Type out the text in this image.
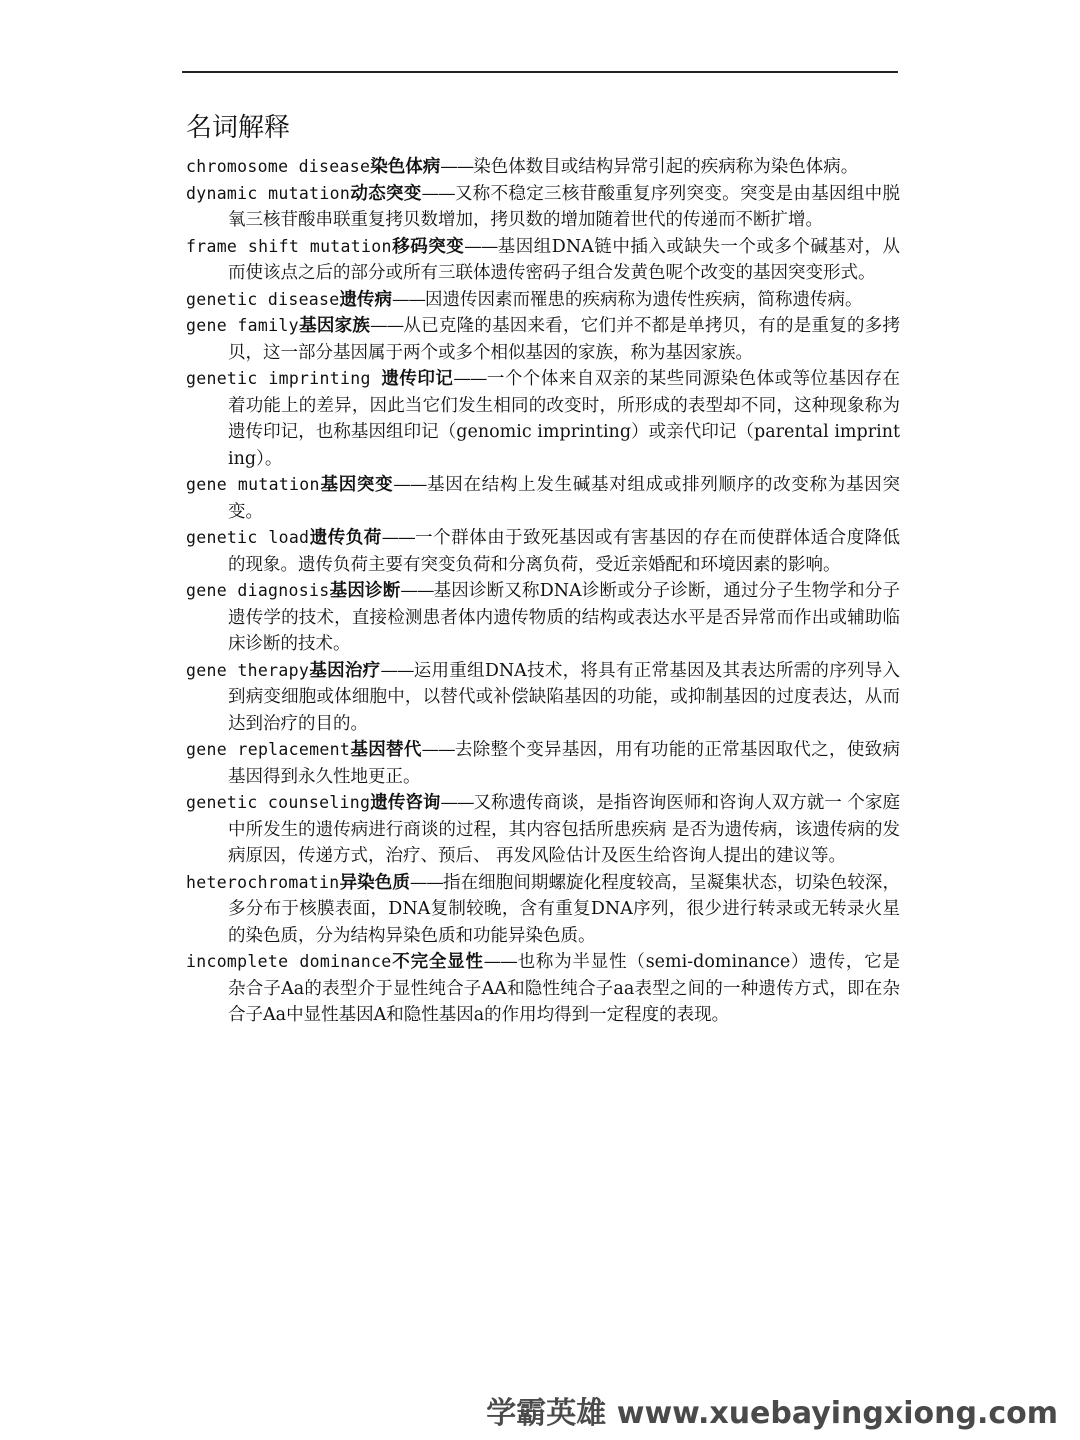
名词解释

chromosome disease染色体病——染色体数目或结构异常引起的疾病称为染色体病。

dynamic mutation动态突变——又称不稳定三核苷酸重复序列突变。突变是由基因组中脱氧三核苷酸串联重复拷贝数增加，拷贝数的增加随着世代的传递而不断扩增。

frame shift mutation移码突变——基因组DNA链中插入或缺失一个或多个碱基对，从而使该点之后的部分或所有三联体遗传密码子组合发黄色呢个改变的基因突变形式。

genetic disease遗传病——因遗传因素而罹患的疾病称为遗传性疾病，简称遗传病。

gene family基因家族——从已克隆的基因来看，它们并不都是单拷贝，有的是重复的多拷贝，这一部分基因属于两个或多个相似基因的家族，称为基因家族。

genetic imprinting 遗传印记——一个个体来自双亲的某些同源染色体或等位基因存在着功能上的差异，因此当它们发生相同的改变时，所形成的表型却不同，这种现象称为遗传印记，也称基因组印记（genomic imprinting）或亲代印记（parental imprinting）。

gene mutation基因突变——基因在结构上发生碱基对组成或排列顺序的改变称为基因突变。

genetic load遗传负荷——一个群体由于致死基因或有害基因的存在而使群体适合度降低的现象。遗传负荷主要有突变负荷和分离负荷，受近亲婚配和环境因素的影响。

gene diagnosis基因诊断——基因诊断又称DNA诊断或分子诊断，通过分子生物学和分子遗传学的技术，直接检测患者体内遗传物质的结构或表达水平是否异常而作出或辅助临床诊断的技术。

gene therapy基因治疗——运用重组DNA技术，将具有正常基因及其表达所需的序列导入到病变细胞或体细胞中，以替代或补偿缺陷基因的功能，或抑制基因的过度表达，从而达到治疗的目的。

gene replacement基因替代——去除整个变异基因，用有功能的正常基因取代之，使致病基因得到永久性地更正。

genetic counseling遗传咨询——又称遗传商谈，是指咨询医师和咨询人双方就一 个家庭中所发生的遗传病进行商谈的过程，其内容包括所患疾病 是否为遗传病，该遗传病的发病原因，传递方式，治疗、预后、 再发风险估计及医生给咨询人提出的建议等。

heterochromatin异染色质——指在细胞间期螺旋化程度较高，呈凝集状态，切染色较深，多分布于核膜表面，DNA复制较晚，含有重复DNA序列，很少进行转录或无转录火星的染色质，分为结构异染色质和功能异染色质。

incomplete dominance不完全显性——也称为半显性（semi-dominance）遗传，它是杂合子Aa的表型介于显性纯合子AA和隐性纯合子aa表型之间的一种遗传方式，即在杂合子Aa中显性基因A和隐性基因a的作用均得到一定程度的表现。

学霸英雄 www.xuebayingxiong.com
